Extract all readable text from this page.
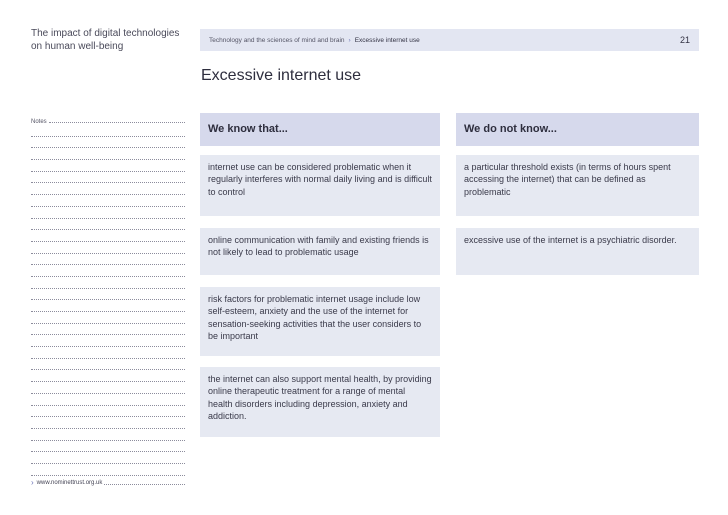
The impact of digital technologies on human well-being
Technology and the sciences of mind and brain › Excessive internet use	21
Excessive internet use
Notes
› www.nominettrust.org.uk
We know that...	We do not know...
internet use can be considered problematic when it regularly interferes with normal daily living and is difficult to control
online communication with family and existing friends is not likely to lead to problematic usage
risk factors for problematic internet usage include low self-esteem, anxiety and the use of the internet for sensation-seeking activities that the user considers to be important
the internet can also support mental health, by providing online therapeutic treatment for a range of mental health disorders including depression, anxiety and addiction.
a particular threshold exists (in terms of hours spent accessing the internet) that can be defined as problematic
excessive use of the internet is a psychiatric disorder.
